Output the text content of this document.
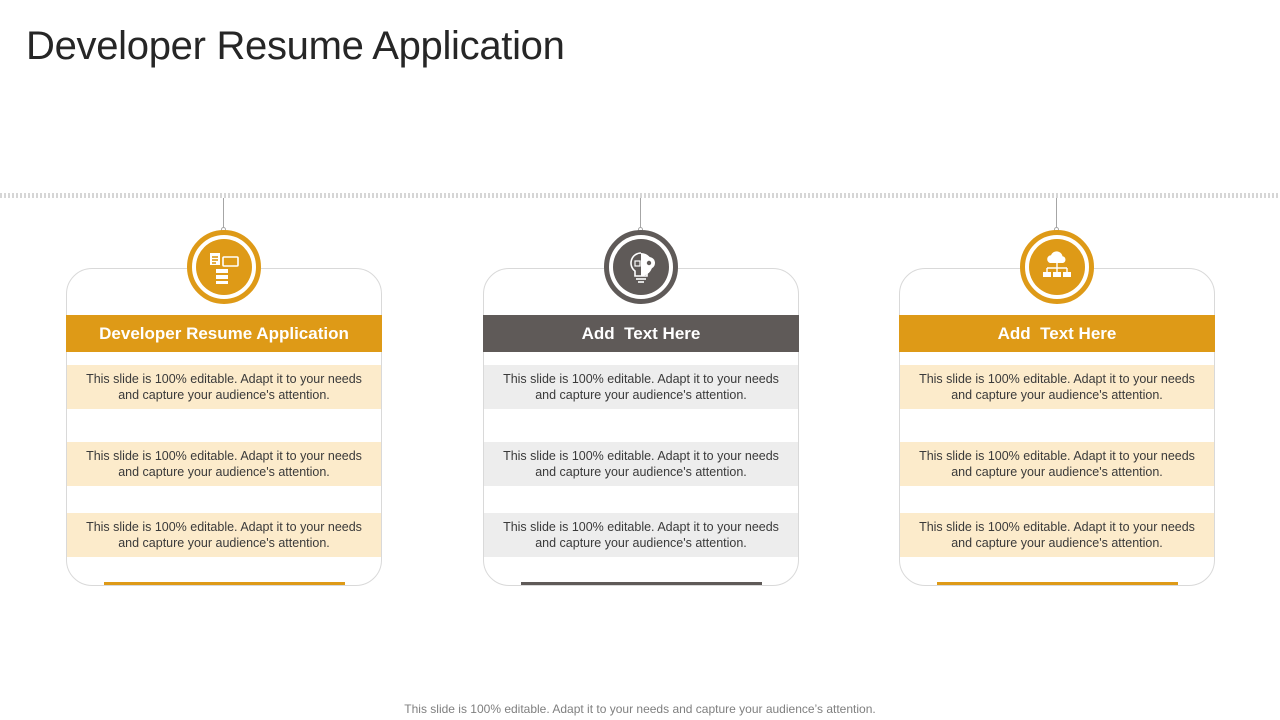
Developer Resume Application
Developer Resume Application
This slide is 100% editable. Adapt it to your needs and capture your audience's attention.
This slide is 100% editable. Adapt it to your needs and capture your audience's attention.
This slide is 100% editable. Adapt it to your needs and capture your audience's attention.
Add  Text Here
This slide is 100% editable. Adapt it to your needs and capture your audience's attention.
This slide is 100% editable. Adapt it to your needs and capture your audience's attention.
This slide is 100% editable. Adapt it to your needs and capture your audience's attention.
Add  Text Here
This slide is 100% editable. Adapt it to your needs and capture your audience's attention.
This slide is 100% editable. Adapt it to your needs and capture your audience's attention.
This slide is 100% editable. Adapt it to your needs and capture your audience's attention.
This slide is 100% editable. Adapt it to your needs and capture your audience’s attention.
